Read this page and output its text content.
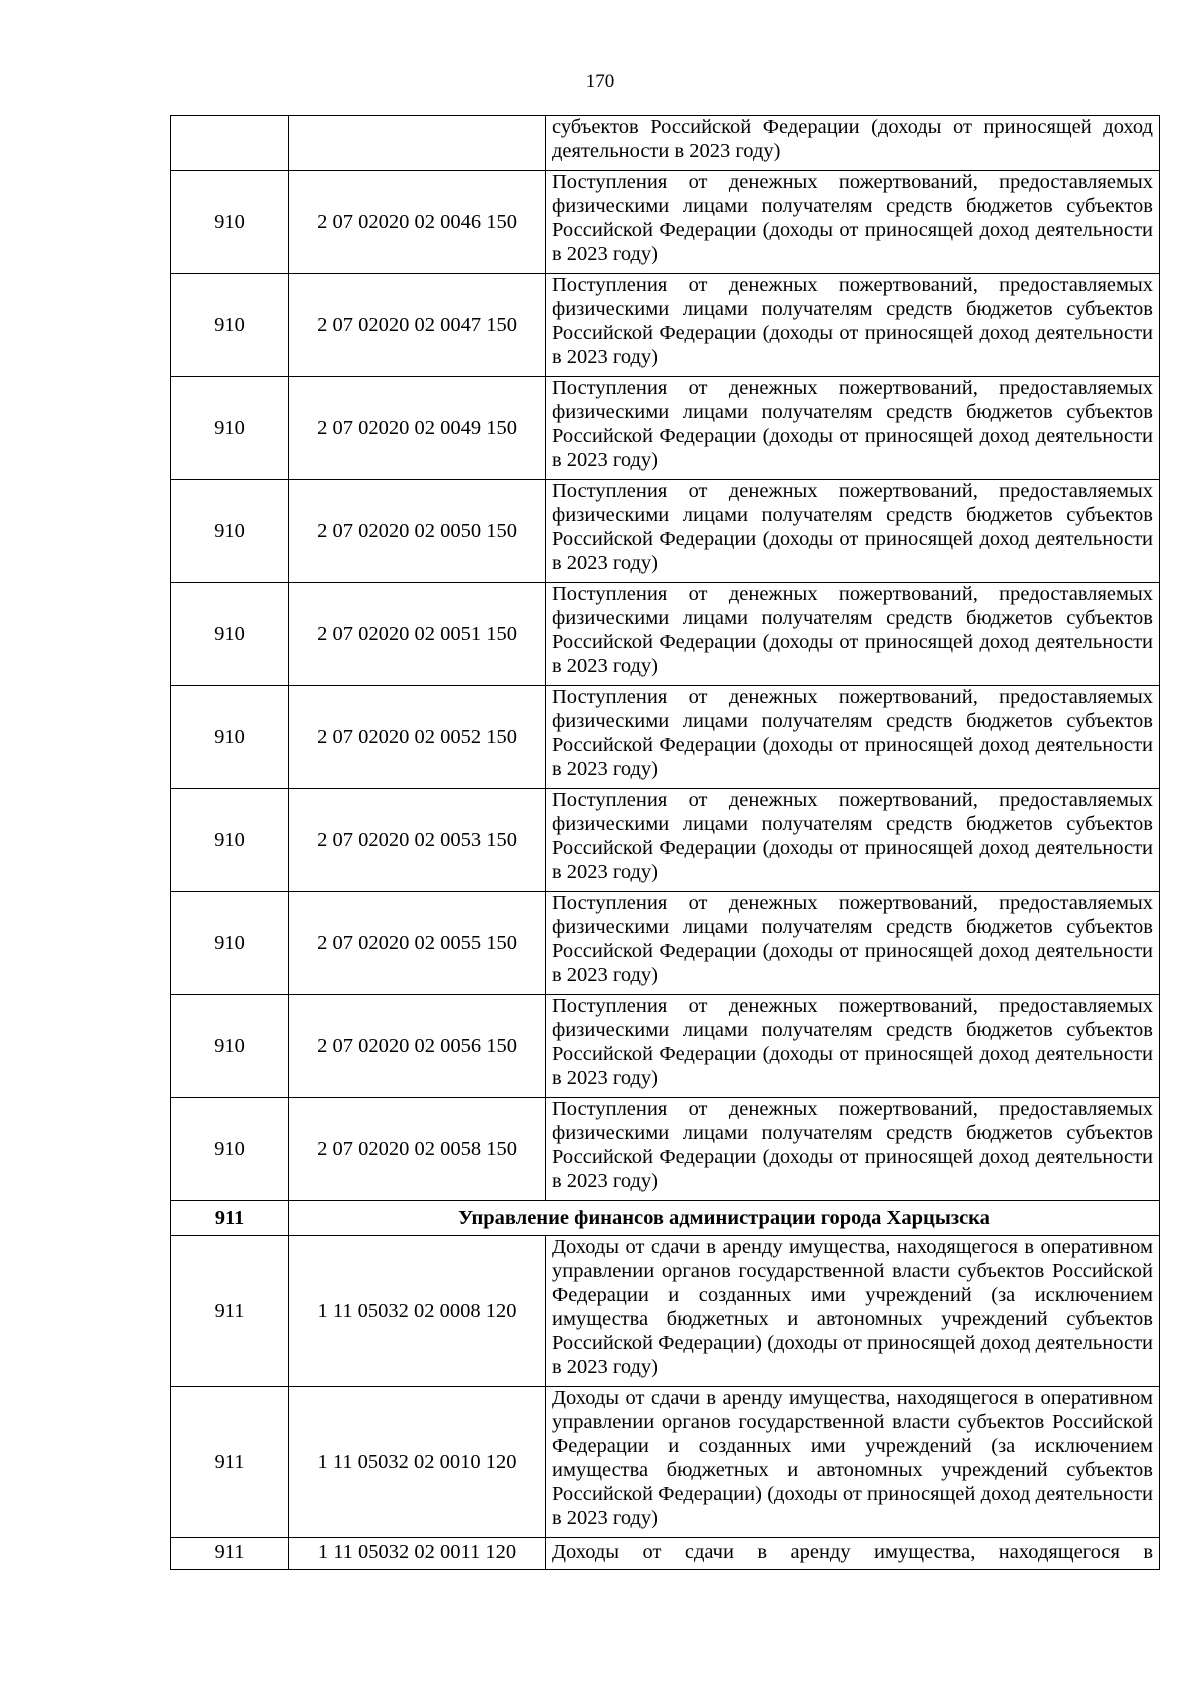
170

		субъектов Российской Федерации (доходы от приносящей доход деятельности в 2023 году)

910	2 07 02020 02 0046 150	Поступления от денежных пожертвований, предоставляемых физическими лицами получателям средств бюджетов субъектов Российской Федерации (доходы от приносящей доход деятельности в 2023 году)

910	2 07 02020 02 0047 150	Поступления от денежных пожертвований, предоставляемых физическими лицами получателям средств бюджетов субъектов Российской Федерации (доходы от приносящей доход деятельности в 2023 году)

910	2 07 02020 02 0049 150	Поступления от денежных пожертвований, предоставляемых физическими лицами получателям средств бюджетов субъектов Российской Федерации (доходы от приносящей доход деятельности в 2023 году)

910	2 07 02020 02 0050 150	Поступления от денежных пожертвований, предоставляемых физическими лицами получателям средств бюджетов субъектов Российской Федерации (доходы от приносящей доход деятельности в 2023 году)

910	2 07 02020 02 0051 150	Поступления от денежных пожертвований, предоставляемых физическими лицами получателям средств бюджетов субъектов Российской Федерации (доходы от приносящей доход деятельности в 2023 году)

910	2 07 02020 02 0052 150	Поступления от денежных пожертвований, предоставляемых физическими лицами получателям средств бюджетов субъектов Российской Федерации (доходы от приносящей доход деятельности в 2023 году)

910	2 07 02020 02 0053 150	Поступления от денежных пожертвований, предоставляемых физическими лицами получателям средств бюджетов субъектов Российской Федерации (доходы от приносящей доход деятельности в 2023 году)

910	2 07 02020 02 0055 150	Поступления от денежных пожертвований, предоставляемых физическими лицами получателям средств бюджетов субъектов Российской Федерации (доходы от приносящей доход деятельности в 2023 году)

910	2 07 02020 02 0056 150	Поступления от денежных пожертвований, предоставляемых физическими лицами получателям средств бюджетов субъектов Российской Федерации (доходы от приносящей доход деятельности в 2023 году)

910	2 07 02020 02 0058 150	Поступления от денежных пожертвований, предоставляемых физическими лицами получателям средств бюджетов субъектов Российской Федерации (доходы от приносящей доход деятельности в 2023 году)

911	Управление финансов администрации города Харцызска	
911	1 11 05032 02 0008 120	Доходы от сдачи в аренду имущества, находящегося в оперативном управлении органов государственной власти субъектов Российской Федерации и созданных ими учреждений (за исключением имущества бюджетных и автономных учреждений субъектов Российской Федерации) (доходы от приносящей доход деятельности в 2023 году)

911	1 11 05032 02 0010 120	Доходы от сдачи в аренду имущества, находящегося в оперативном управлении органов государственной власти субъектов Российской Федерации и созданных ими учреждений (за исключением имущества бюджетных и автономных учреждений субъектов Российской Федерации) (доходы от приносящей доход деятельности в 2023 году)

911	1 11 05032 02 0011 120	Доходы от сдачи в аренду имущества, находящегося в
